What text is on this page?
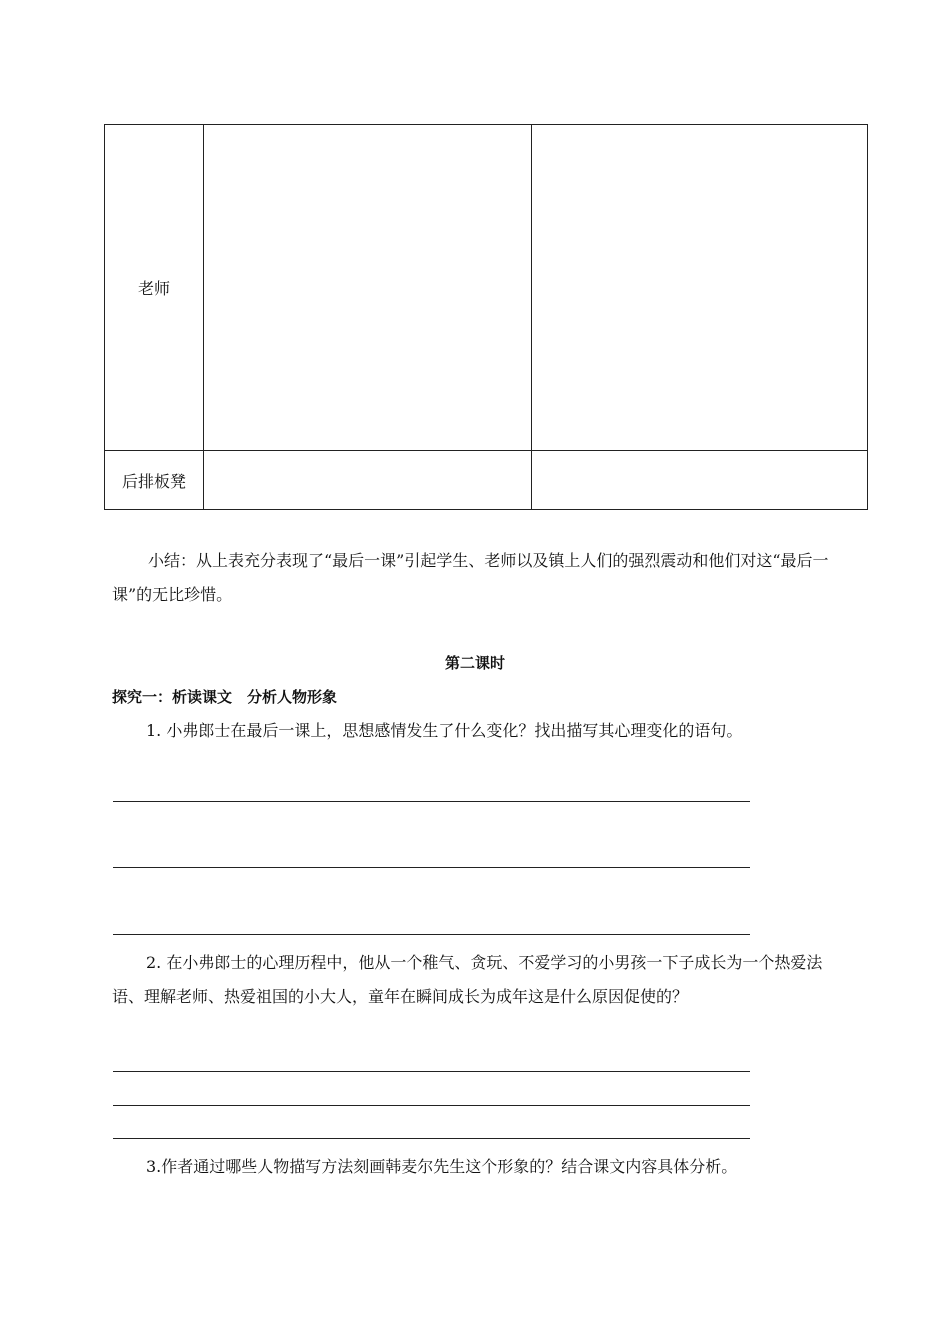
老师		
后排板凳		
小结：从上表充分表现了“最后一课”引起学生、老师以及镇上人们的强烈震动和他们对这“最后一课”的无比珍惜。
第二课时
探究一：析读课文　分析人物形象
1. 小弗郎士在最后一课上，思想感情发生了什么变化？找出描写其心理变化的语句。
2. 在小弗郎士的心理历程中，他从一个稚气、贪玩、不爱学习的小男孩一下子成长为一个热爱法语、理解老师、热爱祖国的小大人，童年在瞬间成长为成年这是什么原因促使的？
3.作者通过哪些人物描写方法刻画韩麦尔先生这个形象的？结合课文内容具体分析。
